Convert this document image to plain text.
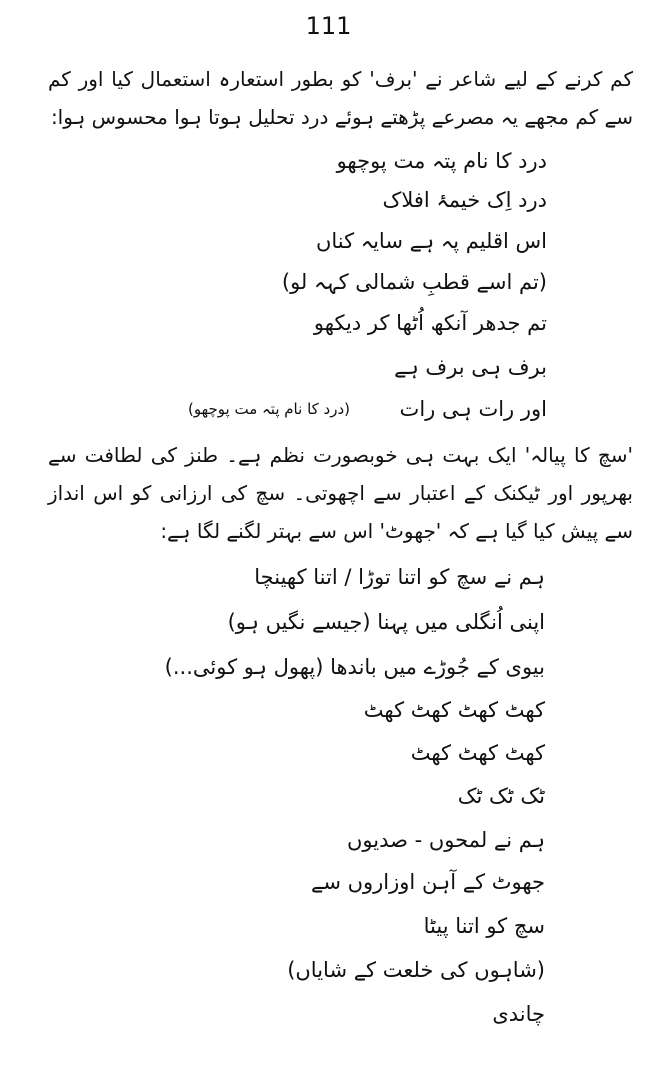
111
کم کرنے کے لیے شاعر نے 'برف' کو بطور استعارہ استعمال کیا اور کم سے کم مجھے یہ مصرعے پڑھتے ہوئے درد تحلیل ہوتا ہوا محسوس ہوا:
درد کا نام پتہ مت پوچھو
درد اِک خیمۂ افلاک
اس اقلیم پہ ہے سایہ کناں
(تم اسے قطبِ شمالی کہہ لو)
تم جدھر آنکھ اُٹھا کر دیکھو
برف ہی برف ہے
اور رات ہی رات
(درد کا نام پتہ مت پوچھو)
'سچ کا پیالہ' ایک بہت ہی خوبصورت نظم ہے۔ طنز کی لطافت سے بھرپور اور ٹیکنک کے اعتبار سے اچھوتی۔ سچ کی ارزانی کو اس انداز سے پیش کیا گیا ہے کہ 'جھوٹ' اس سے بہتر لگنے لگا ہے:
ہم نے سچ کو اتنا توڑا / اتنا کھینچا
اپنی اُنگلی میں پہنا (جیسے نگیں ہو)
بیوی کے جُوڑے میں باندھا (پھول ہو کوئی...)
کھٹ کھٹ کھٹ کھٹ
کھٹ کھٹ کھٹ
ٹک ٹک ٹک
ہم نے لمحوں - صدیوں
جھوٹ کے آہن اوزاروں سے
سچ کو اتنا پیٹا
(شاہوں کی خلعت کے شایاں)
چاندی
